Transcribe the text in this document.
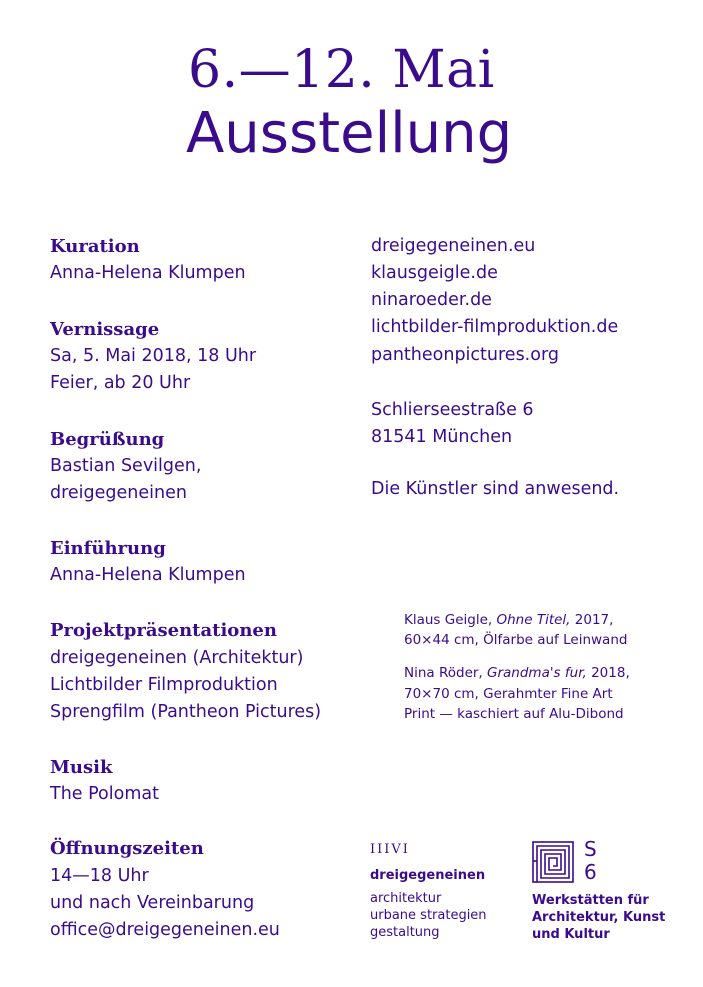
6.—12. Mai
Ausstellung
Kuration
Anna-Helena Klumpen
Vernissage
Sa, 5. Mai 2018, 18 Uhr
Feier, ab 20 Uhr
Begrüßung
Bastian Sevilgen,
dreigegeneinen
Einführung
Anna-Helena Klumpen
Projektpräsentationen
dreigegeneinen (Architektur)
Lichtbilder Filmproduktion
Sprengfilm (Pantheon Pictures)
Musik
The Polomat
Öffnungszeiten
14—18 Uhr
und nach Vereinbarung
office@dreigegeneinen.eu
dreigegeneinen.eu
klausgeigle.de
ninaroeder.de
lichtbilder-filmproduktion.de
pantheonpictures.org
Schlierseestraße 6
81541 München
Die Künstler sind anwesend.
Klaus Geigle, Ohne Titel, 2017,
60×44 cm, Ölfarbe auf Leinwand
Nina Röder, Grandma's fur, 2018,
70×70 cm, Gerahmter Fine Art
Print — kaschiert auf Alu-Dibond
IIIVI
dreigegeneinen
architektur
urbane strategien
gestaltung
S
6
Werkstätten für
Architektur, Kunst
und Kultur
